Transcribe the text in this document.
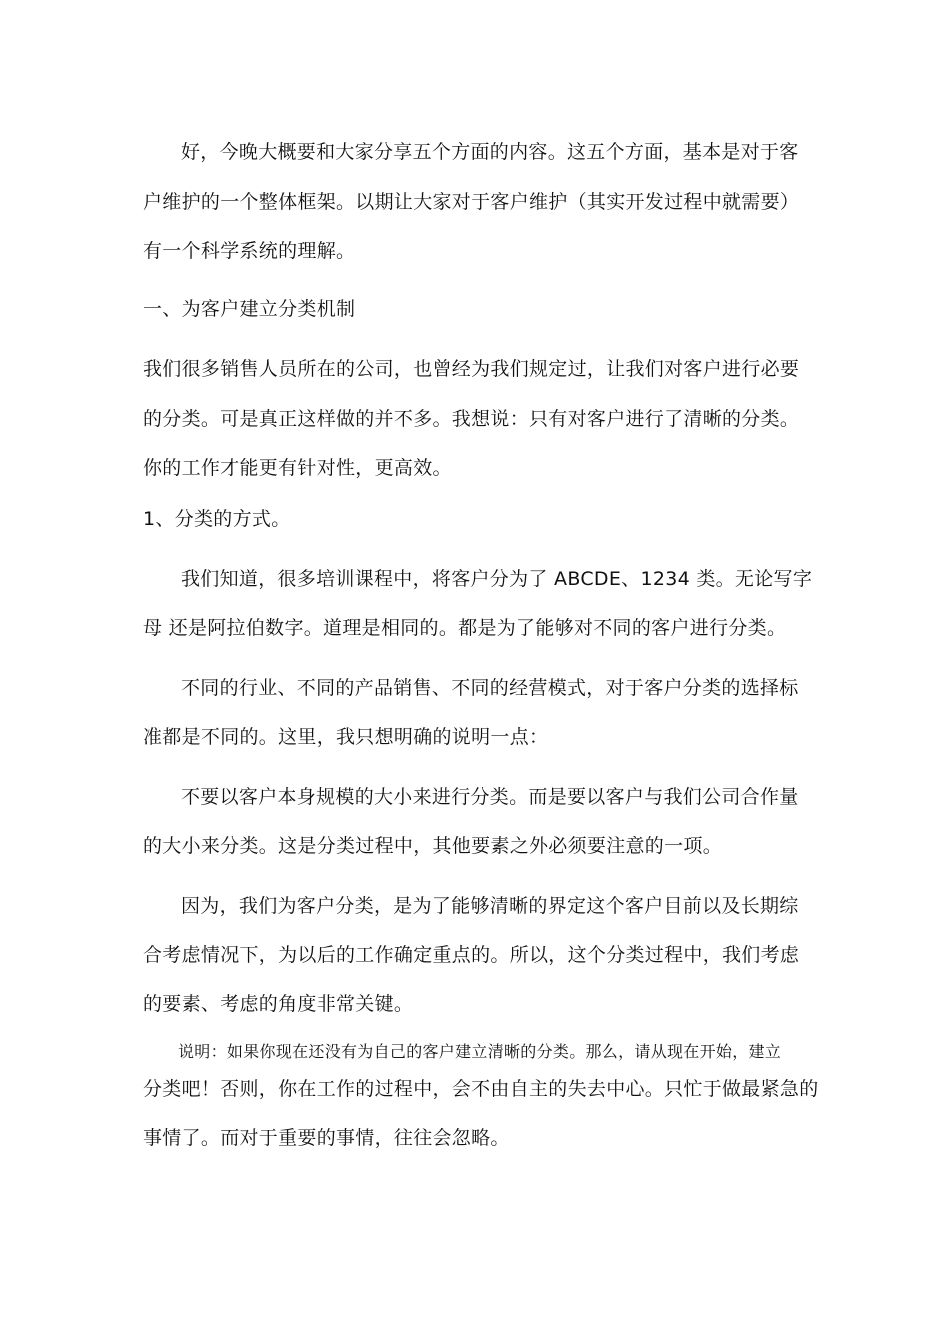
好，今晚大概要和大家分享五个方面的内容。这五个方面，基本是对于客
户维护的一个整体框架。以期让大家对于客户维护（其实开发过程中就需要）
有一个科学系统的理解。
一、为客户建立分类机制
我们很多销售人员所在的公司，也曾经为我们规定过，让我们对客户进行必要
的分类。可是真正这样做的并不多。我想说：只有对客户进行了清晰的分类。
你的工作才能更有针对性，更高效。
1、分类的方式。
我们知道，很多培训课程中，将客户分为了 ABCDE、1234 类。无论写字
母 还是阿拉伯数字。道理是相同的。都是为了能够对不同的客户进行分类。
不同的行业、不同的产品销售、不同的经营模式，对于客户分类的选择标
准都是不同的。这里，我只想明确的说明一点：
不要以客户本身规模的大小来进行分类。而是要以客户与我们公司合作量
的大小来分类。这是分类过程中，其他要素之外必须要注意的一项。
因为，我们为客户分类，是为了能够清晰的界定这个客户目前以及长期综
合考虑情况下，为以后的工作确定重点的。所以，这个分类过程中，我们考虑
的要素、考虑的角度非常关键。
说明：如果你现在还没有为自己的客户建立清晰的分类。那么，请从现在开始，建立
分类吧！否则，你在工作的过程中，会不由自主的失去中心。只忙于做最紧急的
事情了。而对于重要的事情，往往会忽略。
